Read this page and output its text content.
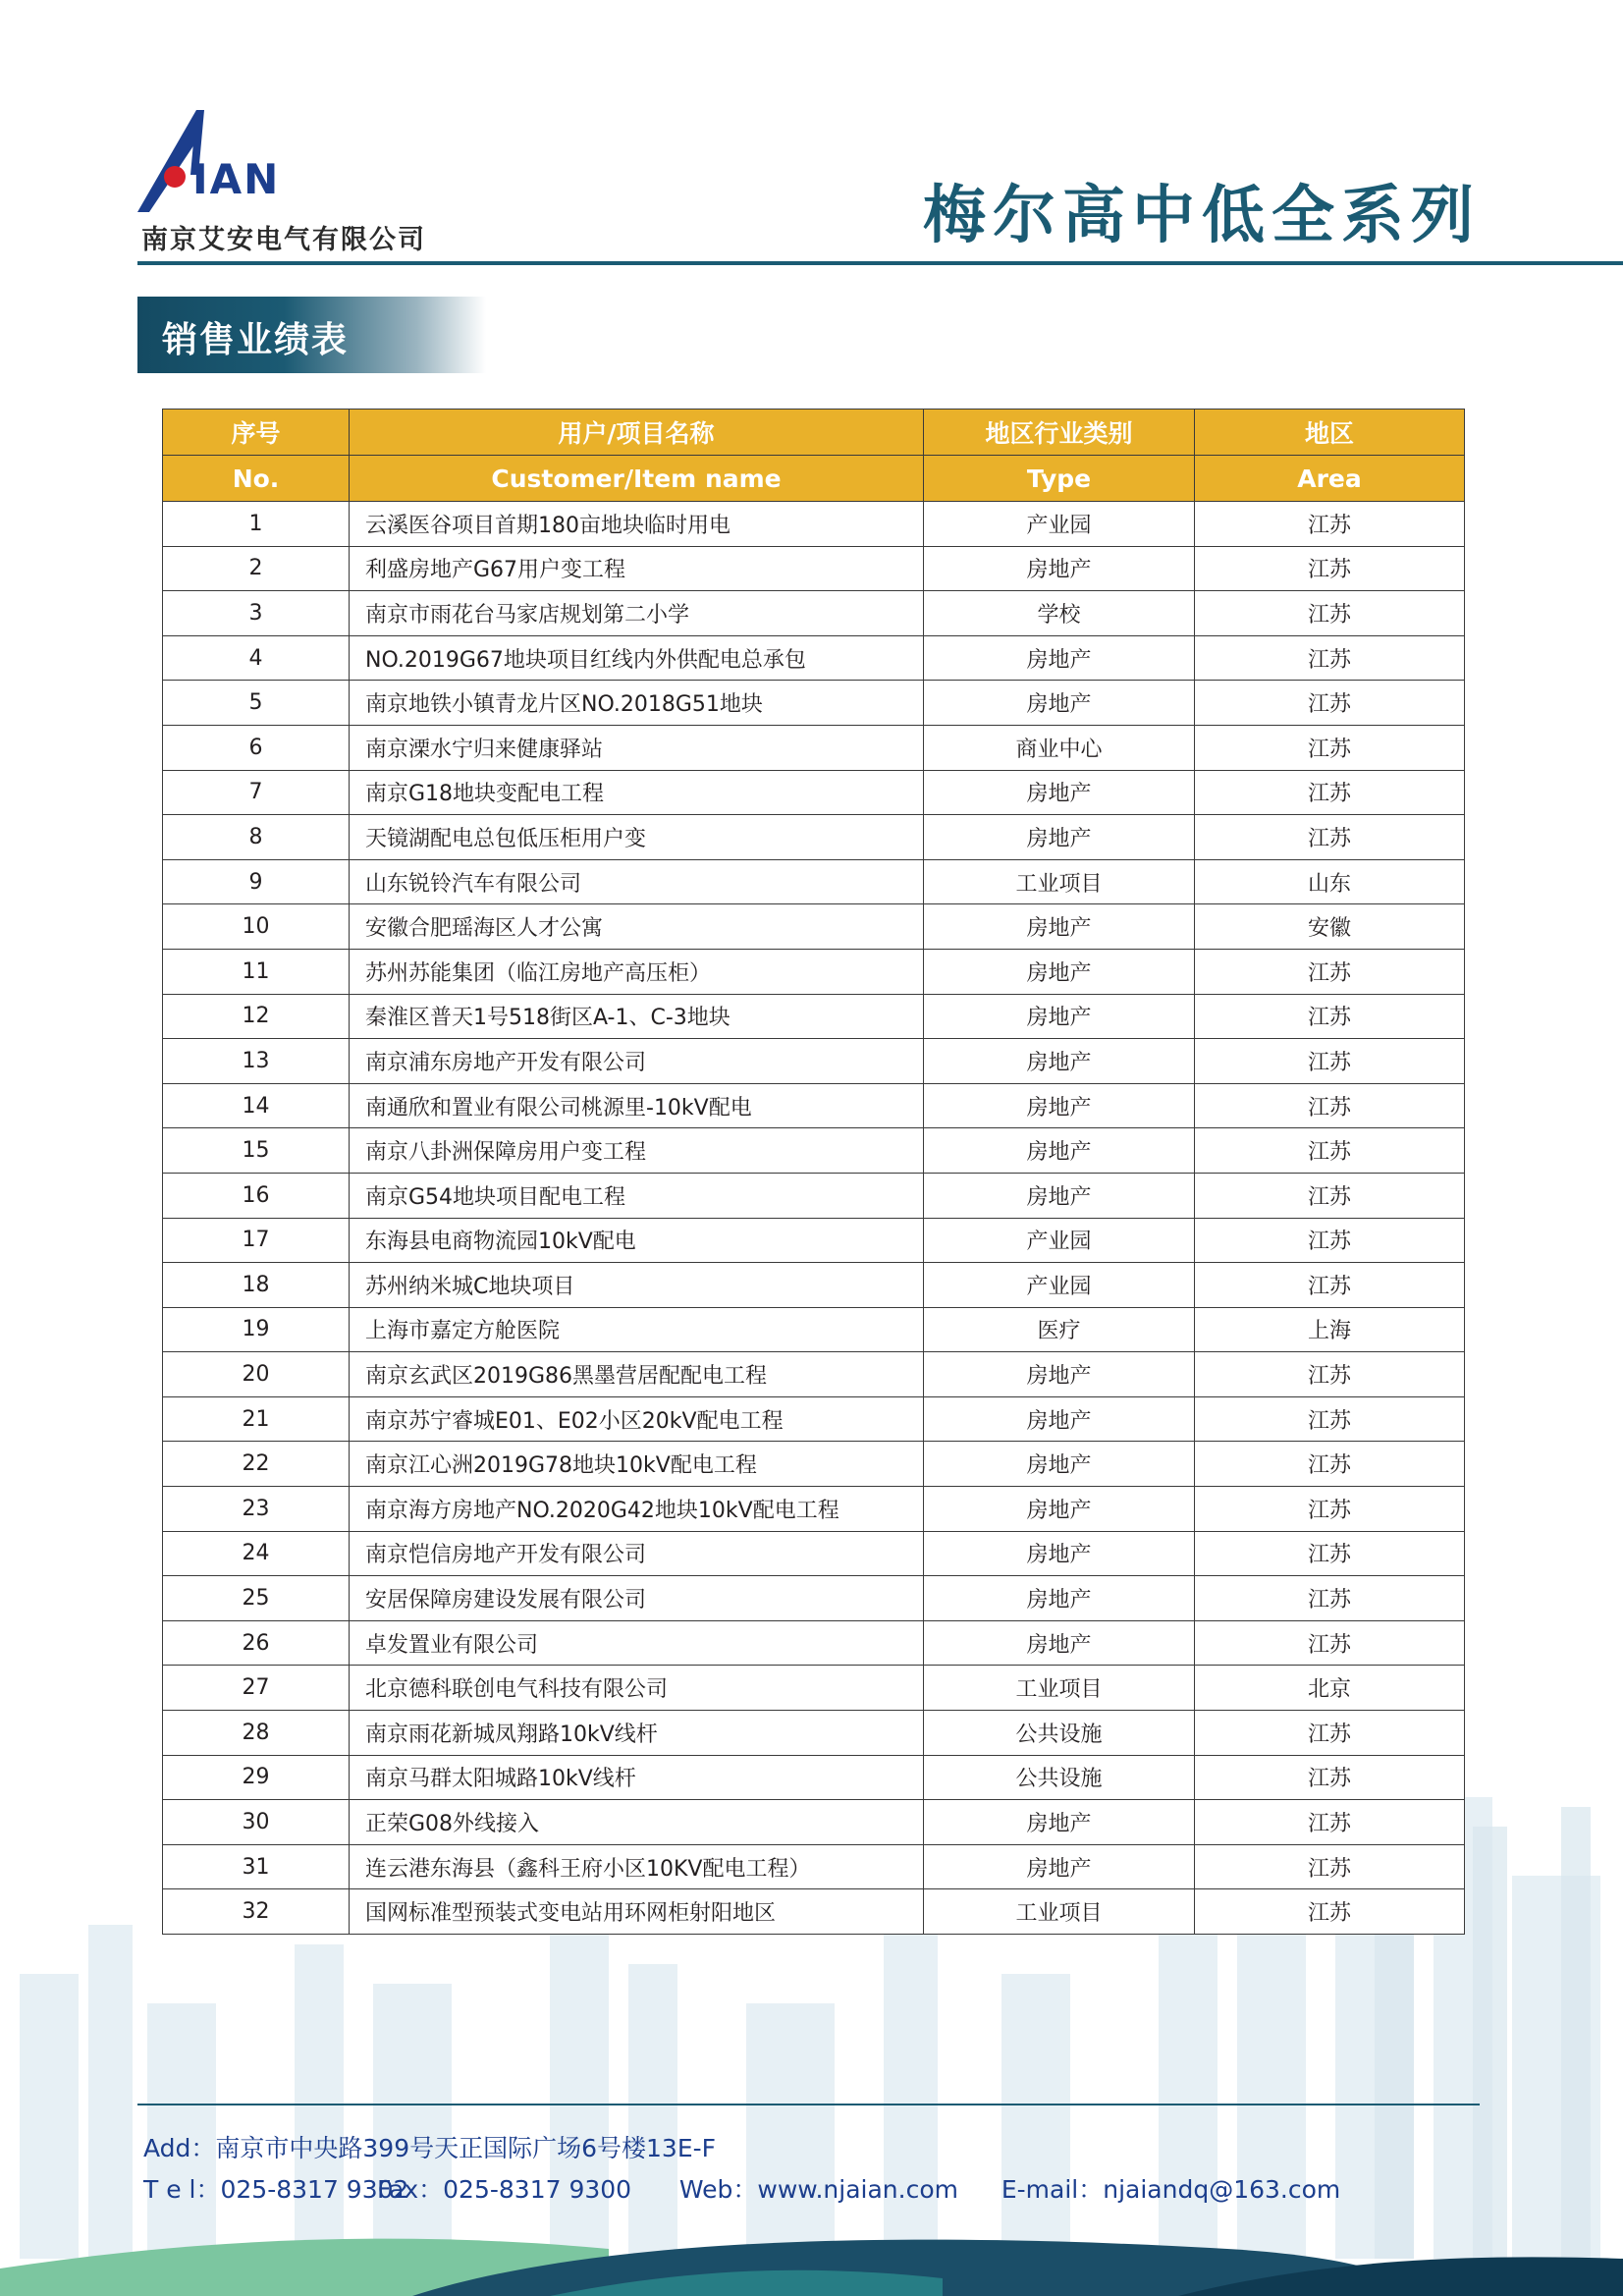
IAN
南京艾安电气有限公司	梅尔高中低全系列
销售业绩表
序号	用户/项目名称	地区行业类别	地区
No.	Customer/Item name	Type	Area
1	云溪医谷项目首期180亩地块临时用电	产业园	江苏
2	利盛房地产G67用户变工程	房地产	江苏
3	南京市雨花台马家店规划第二小学	学校	江苏
4	NO.2019G67地块项目红线内外供配电总承包	房地产	江苏
5	南京地铁小镇青龙片区NO.2018G51地块	房地产	江苏
6	南京溧水宁归来健康驿站	商业中心	江苏
7	南京G18地块变配电工程	房地产	江苏
8	天镜湖配电总包低压柜用户变	房地产	江苏
9	山东锐铃汽车有限公司	工业项目	山东
10	安徽合肥瑶海区人才公寓	房地产	安徽
11	苏州苏能集团（临江房地产高压柜）	房地产	江苏
12	秦淮区普天1号518街区A-1、C-3地块	房地产	江苏
13	南京浦东房地产开发有限公司	房地产	江苏
14	南通欣和置业有限公司桃源里-10kV配电	房地产	江苏
15	南京八卦洲保障房用户变工程	房地产	江苏
16	南京G54地块项目配电工程	房地产	江苏
17	东海县电商物流园10kV配电	产业园	江苏
18	苏州纳米城C地块项目	产业园	江苏
19	上海市嘉定方舱医院	医疗	上海
20	南京玄武区2019G86黑墨营居配配电工程	房地产	江苏
21	南京苏宁睿城E01、E02小区20kV配电工程	房地产	江苏
22	南京江心洲2019G78地块10kV配电工程	房地产	江苏
23	南京海方房地产NO.2020G42地块10kV配电工程	房地产	江苏
24	南京恺信房地产开发有限公司	房地产	江苏
25	安居保障房建设发展有限公司	房地产	江苏
26	卓发置业有限公司	房地产	江苏
27	北京德科联创电气科技有限公司	工业项目	北京
28	南京雨花新城凤翔路10kV线杆	公共设施	江苏
29	南京马群太阳城路10kV线杆	公共设施	江苏
30	正荣G08外线接入	房地产	江苏
31	连云港东海县（鑫科王府小区10KV配电工程）	房地产	江苏
32	国网标准型预装式变电站用环网柜射阳地区	工业项目	江苏
Add：南京市中央路399号天正国际广场6号楼13E-F
T e l：025-8317 9302 Fax：025-8317 9300 Web：www.njaian.com E-mail：njaiandq@163.com
